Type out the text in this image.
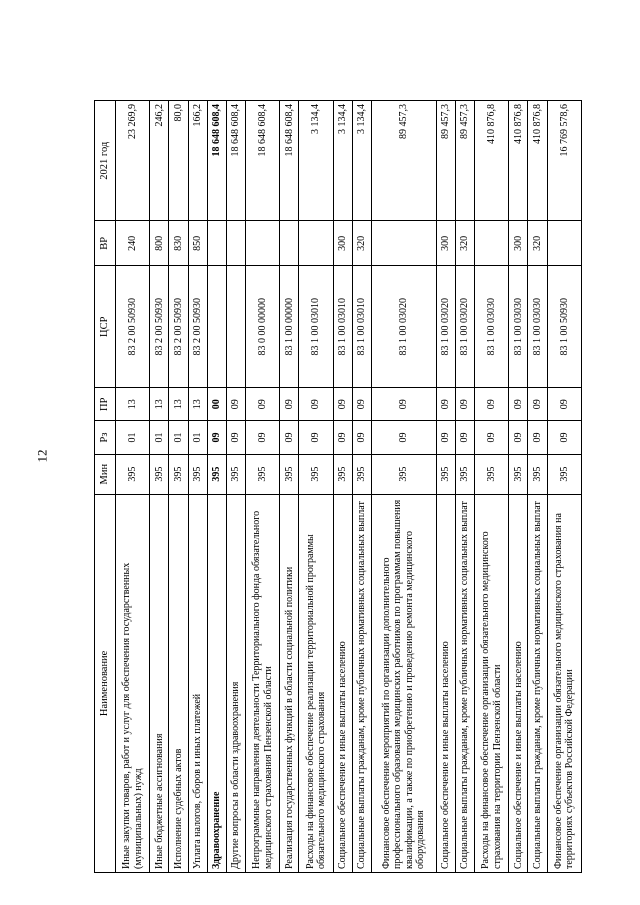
12
Наименование	Мин	Рз	ПР	ЦСР	ВР	2021 год
Иные закупки товаров, работ и услуг для обеспечения государственных (муниципальных) нужд	395	01	13	83 2 00 50930	240	23 269,9
Иные бюджетные ассигнования	395	01	13	83 2 00 50930	800	246,2
Исполнение судебных актов	395	01	13	83 2 00 50930	830	80,0
Уплата налогов, сборов и иных платежей	395	01	13	83 2 00 50930	850	166,2
Здравоохранение	395	09	00			18 648 608,4
Другие вопросы в области здравоохранения	395	09	09			18 648 608,4
Непрограммные направления деятельности Территориального фонда обязательного медицинского страхования Пензенской области	395	09	09	83 0 00 00000		18 648 608,4
Реализация государственных функций в области социальной политики	395	09	09	83 1 00 00000		18 648 608,4
Расходы на финансовое обеспечение реализации территориальной программы обязательного медицинского страхования	395	09	09	83 1 00 03010		3 134,4
Социальное обеспечение и иные выплаты населению	395	09	09	83 1 00 03010	300	3 134,4
Социальные выплаты гражданам, кроме публичных нормативных социальных выплат	395	09	09	83 1 00 03010	320	3 134,4
Финансовое обеспечение мероприятий по организации дополнительного профессионального образования медицинских работников по программам повышения квалификации, а также по приобретению и проведению ремонта медицинского оборудования	395	09	09	83 1 00 03020		89 457,3
Социальное обеспечение и иные выплаты населению	395	09	09	83 1 00 03020	300	89 457,3
Социальные выплаты гражданам, кроме публичных нормативных социальных выплат	395	09	09	83 1 00 03020	320	89 457,3
Расходы на финансовое обеспечение организации обязательного медицинского страхования на территории Пензенской области	395	09	09	83 1 00 03030		410 876,8
Социальное обеспечение и иные выплаты населению	395	09	09	83 1 00 03030	300	410 876,8
Социальные выплаты гражданам, кроме публичных нормативных социальных выплат	395	09	09	83 1 00 03030	320	410 876,8
Финансовое обеспечение организации обязательного медицинского страхования на территориях субъектов Российской Федерации	395	09	09	83 1 00 50930		16 769 578,6
